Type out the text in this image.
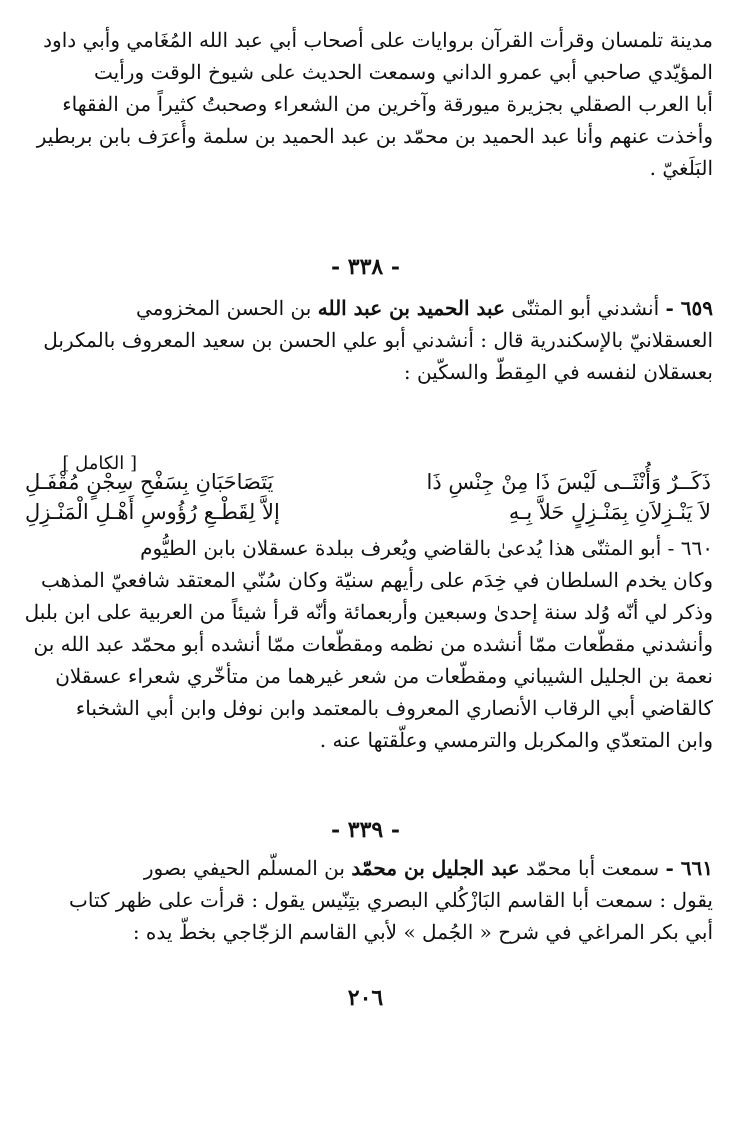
مدينة تلمسان وقرأت القرآن بروايات على أصحاب أبي عبد الله المُغَامي وأبي داود
المؤيّدي صاحبي أبي عمرو الداني وسمعت الحديث على شيوخ الوقت ورأيت
أبا العرب الصقلي بجزيرة ميورقة وآخرين من الشعراء وصحبتُ كثيراً من الفقهاء
وأخذت عنهم وأنا عبد الحميد بن محمّد بن عبد الحميد بن سلمة وأُعرَف بابن بربطير
البَلَغيّ .
- ٣٣٨ -
٦٥٩ - أنشدني أبو المثنّى عبد الحميد بن عبد الله بن الحسن المخزومي
العسقلانيّ بالإسكندرية قال : أنشدني أبو علي الحسن بن سعيد المعروف بالمكربل
بعسقلان لنفسه في المِقطّ والسكّين :
[ الكامل ]
ذَكَــرٌ وَأُنْثَــى لَيْسَ ذَا مِنْ جِنْسِ ذَا
يَتَصَاحَبَانِ بِسَفْحِ سِجْنٍ مُقْفَـلِ
لاَ يَنْـزِلاَنِ بِمَنْـزِلٍ حَلاَّ بِـهِ
إلاَّ لِقَطْـعِ رُؤُوسِ أَهْـلِ الْمَنْـزِلِ
٦٦٠ - أبو المثنّى هذا يُدعىٰ بالقاضي ويُعرف ببلدة عسقلان بابن الطيُّوم
وكان يخدم السلطان في خِدَم على رأيهم سنيّة وكان سُنّي المعتقد شافعيّ المذهب
وذكر لي أنّه وُلد سنة إحدىٰ وسبعين وأربعمائة وأنّه قرأ شيئاً من العربية على ابن بلبل
وأنشدني مقطّعات ممّا أنشده من نظمه ومقطّعات ممّا أنشده أبو محمّد عبد الله بن
نعمة بن الجليل الشيباني ومقطّعات من شعر غيرهما من متأخّري شعراء عسقلان
كالقاضي أبي الرقاب الأنصاري المعروف بالمعتمد وابن نوفل وابن أبي الشخباء
وابن المتعدّي والمكربل والترمسي وعلّقتها عنه .
- ٣٣٩ -
٦٦١ - سمعت أبا محمّد عبد الجليل بن محمّد بن المسلّم الحيفي بصور
يقول : سمعت أبا القاسم البَازْكُلي البصري بتِنّيس يقول : قرأت على ظهر كتاب
أبي بكر المراغي في شرح « الجُمل » لأبي القاسم الزجّاجي بخطّ يده :
٢٠٦
